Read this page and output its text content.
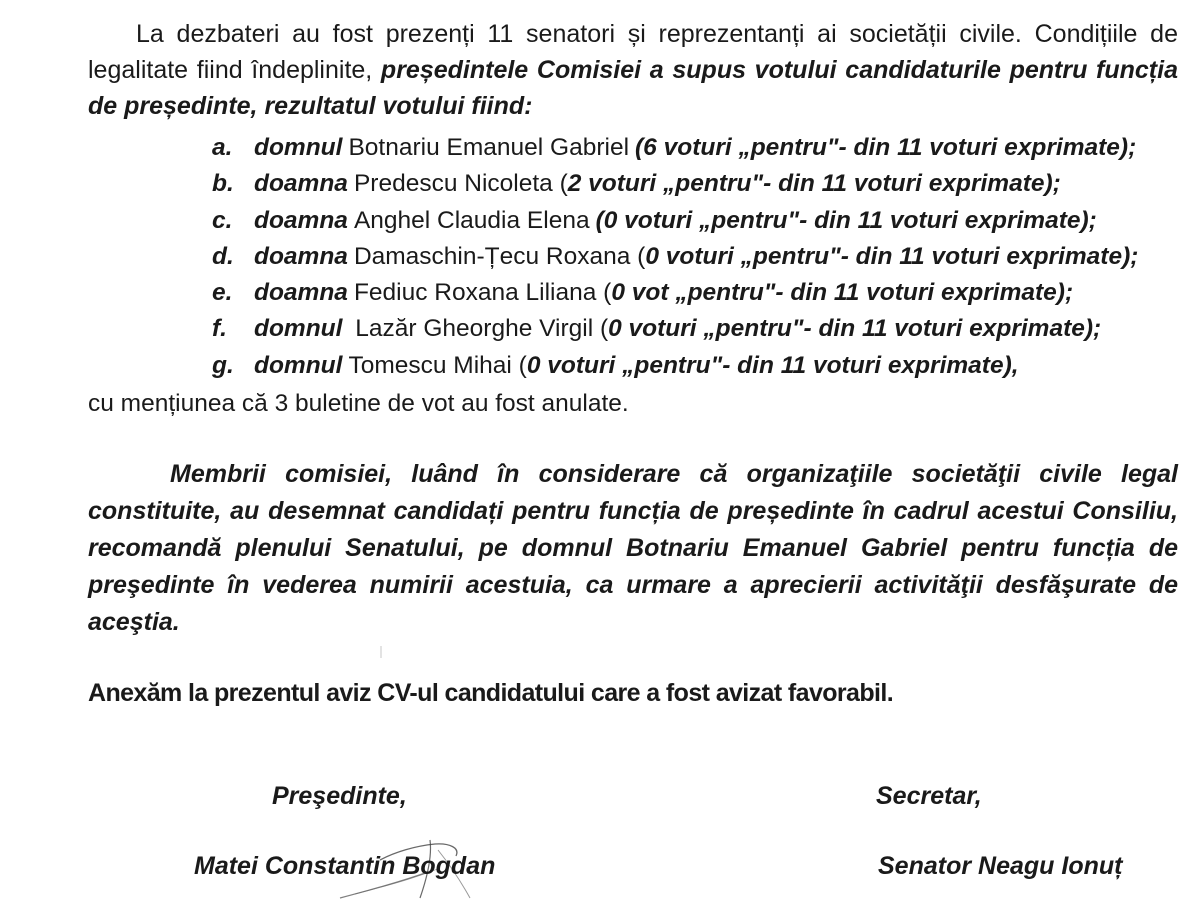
La dezbateri au fost prezenți 11 senatori și reprezentanți ai societății civile. Condițiile de legalitate fiind îndeplinite, președintele Comisiei a supus votului candidaturile pentru funcția de președinte, rezultatul votului fiind:

a. domnul Botnariu Emanuel Gabriel (6 voturi „pentru"- din 11 voturi exprimate);
b. doamna Predescu Nicoleta (2 voturi „pentru"- din 11 voturi exprimate);
c. doamna Anghel Claudia Elena (0 voturi „pentru"- din 11 voturi exprimate);
d. doamna Damaschin-Țecu Roxana (0 voturi „pentru"- din 11 voturi exprimate);
e. doamna Fediuc Roxana Liliana (0 vot „pentru"- din 11 voturi exprimate);
f. domnul Lazăr Gheorghe Virgil (0 voturi „pentru"- din 11 voturi exprimate);
g. domnul Tomescu Mihai (0 voturi „pentru"- din 11 voturi exprimate),
cu mențiunea că 3 buletine de vot au fost anulate.

Membrii comisiei, luând în considerare că organizaţiile societăţii civile legal constituite, au desemnat candidați pentru funcția de președinte în cadrul acestui Consiliu, recomandă plenului Senatului, pe domnul Botnariu Emanuel Gabriel pentru funcția de preşedinte în vederea numirii acestuia, ca urmare a aprecierii activităţii desfăşurate de aceştia.

Anexăm la prezentul aviz CV-ul candidatului care a fost avizat favorabil.
Preşedinte,	Secretar,
Matei Constantin Bogdan	Senator Neagu Ionuț
